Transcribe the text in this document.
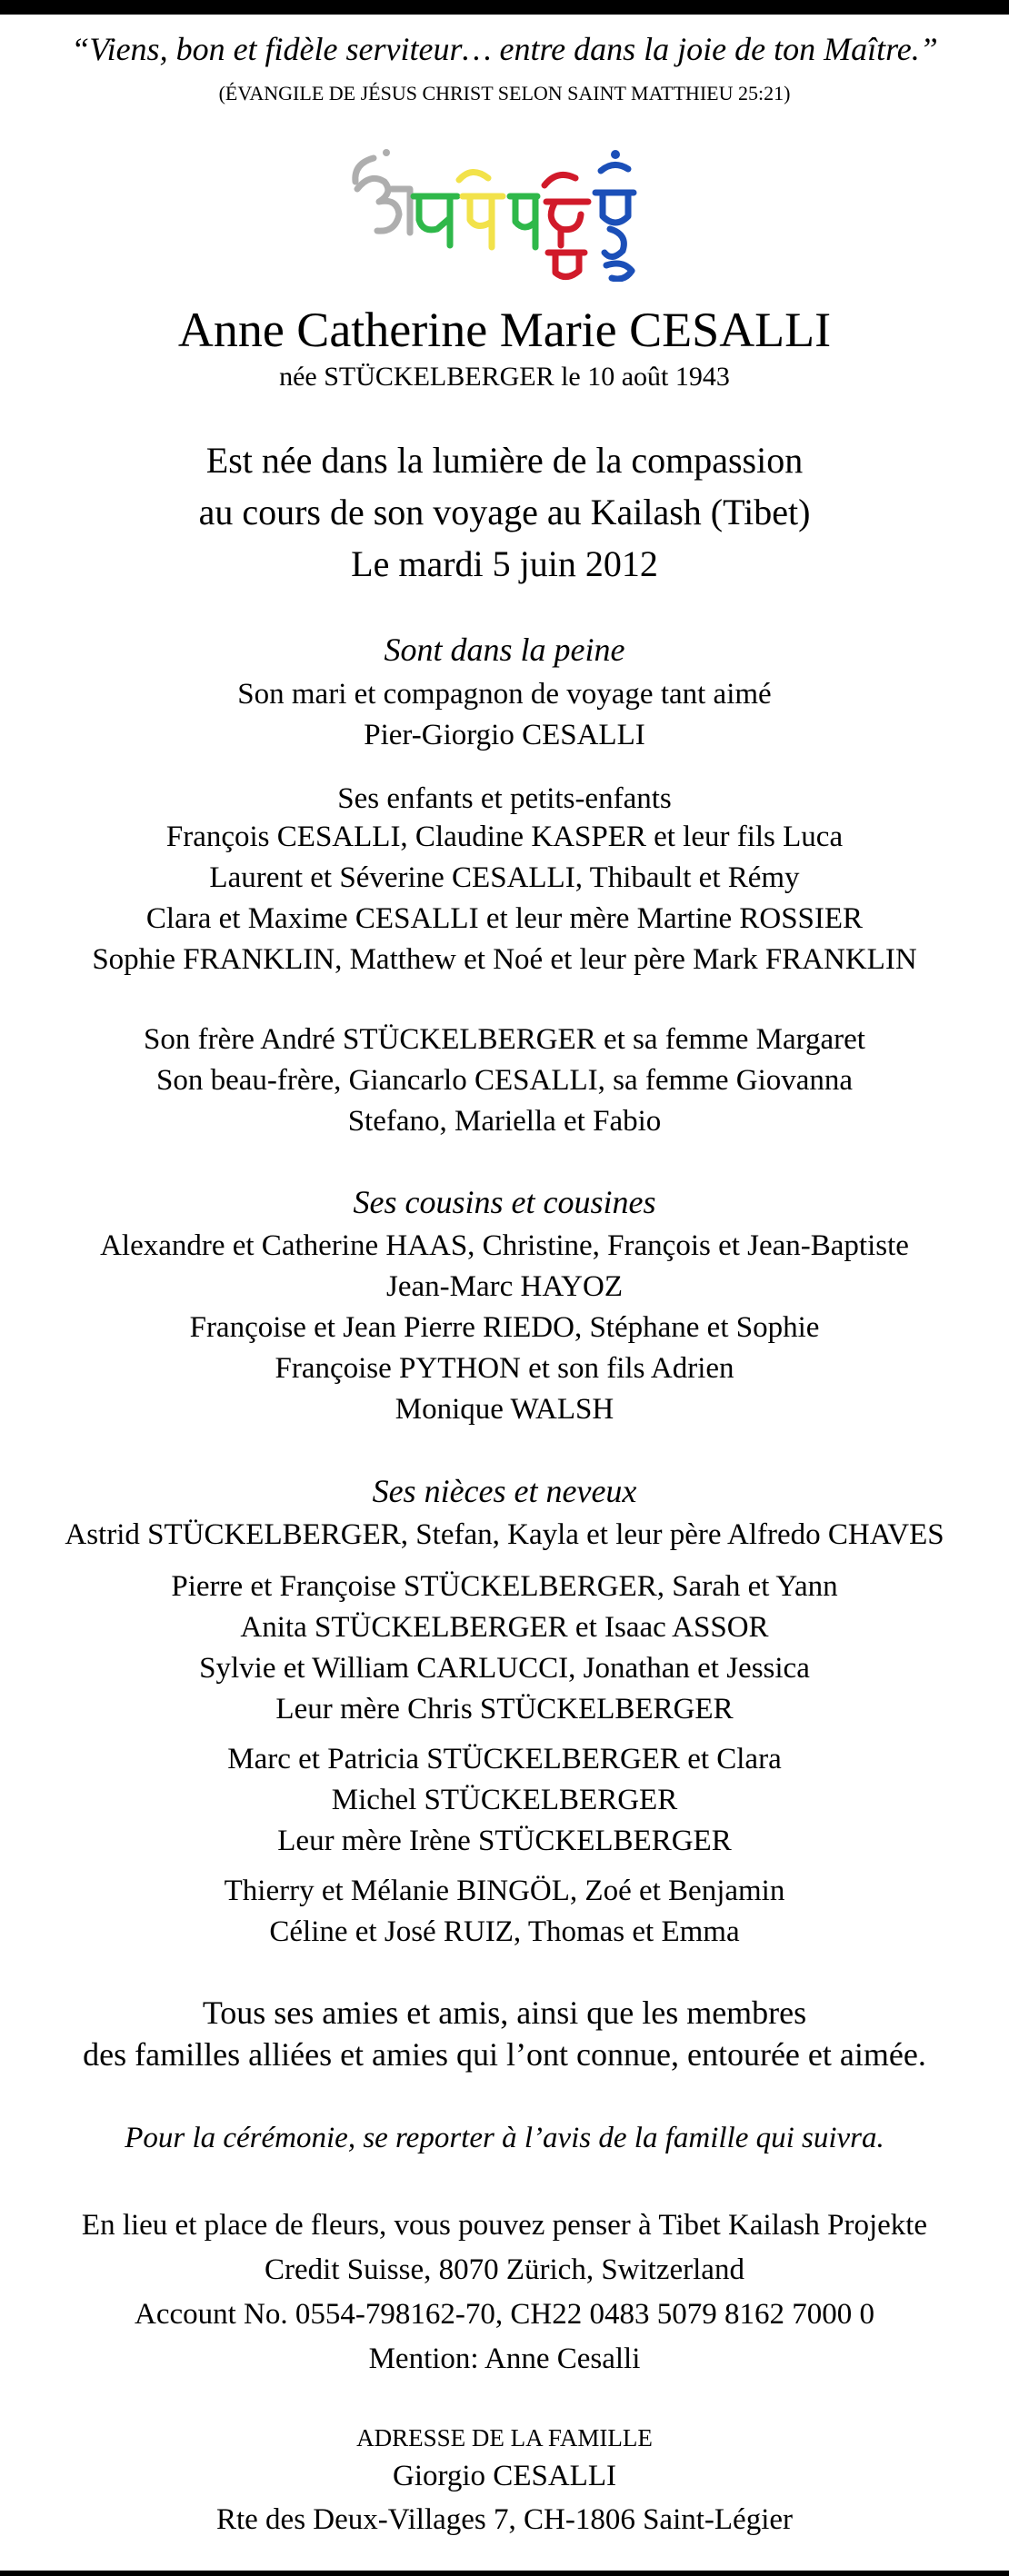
“Viens, bon et fidèle serviteur… entre dans la joie de ton Maître.”
(ÉVANGILE DE JÉSUS CHRIST SELON SAINT MATTHIEU 25:21)
Anne Catherine Marie CESALLI
née STÜCKELBERGER le 10 août 1943
Est née dans la lumière de la compassion
au cours de son voyage au Kailash (Tibet)
Le mardi 5 juin 2012
Sont dans la peine
Son mari et compagnon de voyage tant aimé
Pier-Giorgio CESALLI
Ses enfants et petits-enfants
François CESALLI, Claudine KASPER et leur fils Luca
Laurent et Séverine CESALLI, Thibault et Rémy
Clara et Maxime CESALLI et leur mère Martine ROSSIER
Sophie FRANKLIN, Matthew et Noé et leur père Mark FRANKLIN
Son frère André STÜCKELBERGER et sa femme Margaret
Son beau-frère, Giancarlo CESALLI, sa femme Giovanna
Stefano, Mariella et Fabio
Ses cousins et cousines
Alexandre et Catherine HAAS, Christine, François et Jean-Baptiste
Jean-Marc HAYOZ
Françoise et Jean Pierre RIEDO, Stéphane et Sophie
Françoise PYTHON et son fils Adrien
Monique WALSH
Ses nièces et neveux
Astrid STÜCKELBERGER, Stefan, Kayla et leur père Alfredo CHAVES
Pierre et Françoise STÜCKELBERGER, Sarah et Yann
Anita STÜCKELBERGER et Isaac ASSOR
Sylvie et William CARLUCCI, Jonathan et Jessica
Leur mère Chris STÜCKELBERGER
Marc et Patricia STÜCKELBERGER et Clara
Michel STÜCKELBERGER
Leur mère Irène STÜCKELBERGER
Thierry et Mélanie BINGÖL, Zoé et Benjamin
Céline et José RUIZ, Thomas et Emma
Tous ses amies et amis, ainsi que les membres
des familles alliées et amies qui l’ont connue, entourée et aimée.
Pour la cérémonie, se reporter à l’avis de la famille qui suivra.
En lieu et place de fleurs, vous pouvez penser à Tibet Kailash Projekte
Credit Suisse, 8070 Zürich, Switzerland
Account No. 0554-798162-70, CH22 0483 5079 8162 7000 0
Mention: Anne Cesalli
ADRESSE DE LA FAMILLE
Giorgio CESALLI
Rte des Deux-Villages 7, CH-1806 Saint-Légier
